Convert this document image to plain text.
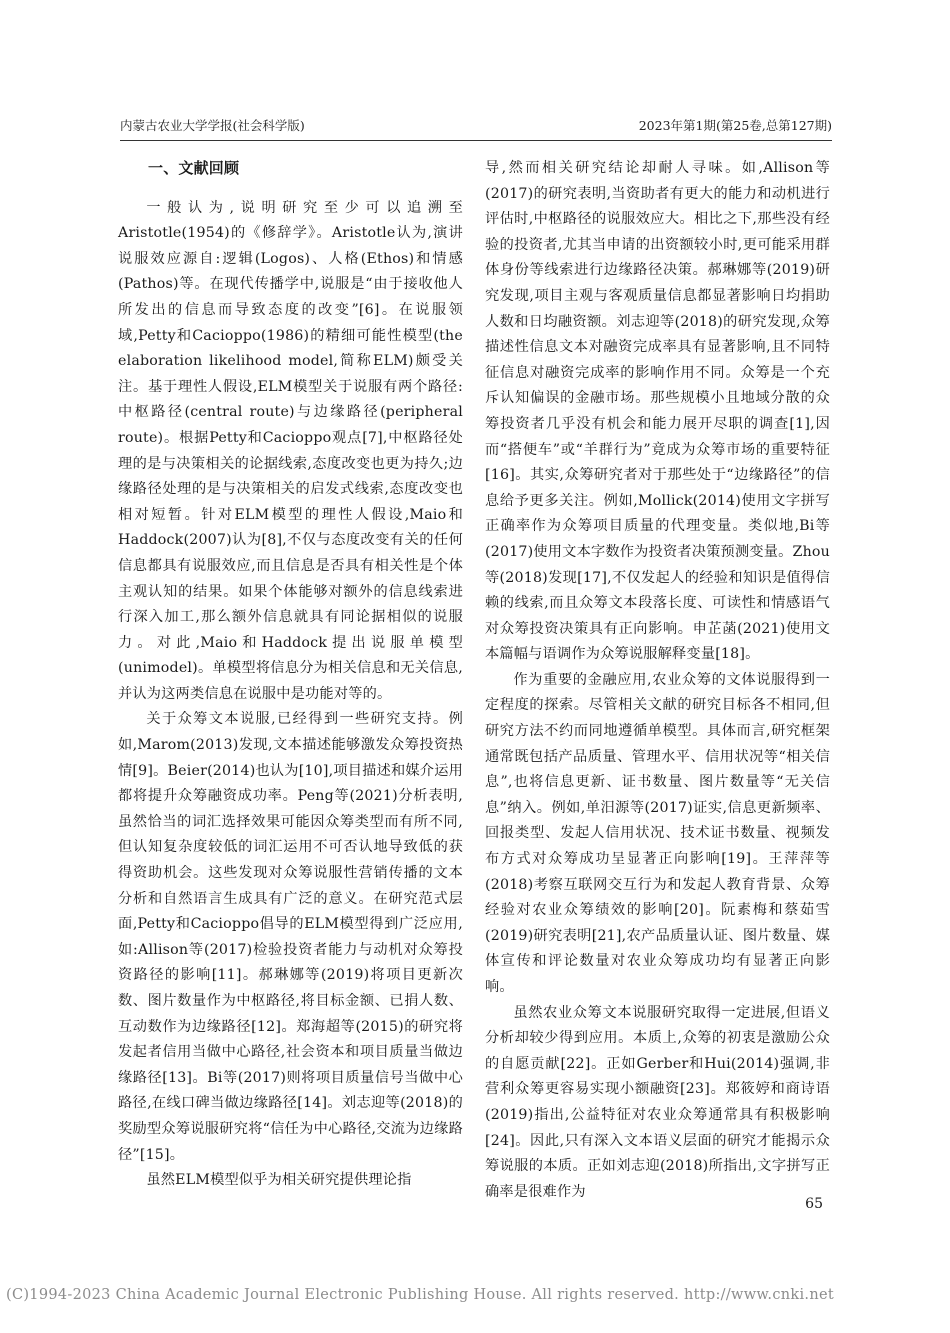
内蒙古农业大学学报(社会科学版)	2023年第1期(第25卷,总第127期)
一、文献回顾

一般认为,说明研究至少可以追溯至Aristotle(1954)的《修辞学》。Aristotle认为,演讲说服效应源自:逻辑(Logos)、人格(Ethos)和情感(Pathos)等。在现代传播学中,说服是“由于接收他人所发出的信息而导致态度的改变”[6]。在说服领域,Petty和Cacioppo(1986)的精细可能性模型(the elaboration likelihood model,简称ELM)颇受关注。基于理性人假设,ELM模型关于说服有两个路径:中枢路径(central route)与边缘路径(peripheral route)。根据Petty和Cacioppo观点[7],中枢路径处理的是与决策相关的论据线索,态度改变也更为持久;边缘路径处理的是与决策相关的启发式线索,态度改变也相对短暂。针对ELM模型的理性人假设,Maio和Haddock(2007)认为[8],不仅与态度改变有关的任何信息都具有说服效应,而且信息是否具有相关性是个体主观认知的结果。如果个体能够对额外的信息线索进行深入加工,那么额外信息就具有同论据相似的说服力。对此,Maio和Haddock提出说服单模型(unimodel)。单模型将信息分为相关信息和无关信息,并认为这两类信息在说服中是功能对等的。

关于众筹文本说服,已经得到一些研究支持。例如,Marom(2013)发现,文本描述能够激发众筹投资热情[9]。Beier(2014)也认为[10],项目描述和媒介运用都将提升众筹融资成功率。Peng等(2021)分析表明,虽然恰当的词汇选择效果可能因众筹类型而有所不同,但认知复杂度较低的词汇运用不可否认地导致低的获得资助机会。这些发现对众筹说服性营销传播的文本分析和自然语言生成具有广泛的意义。在研究范式层面,Petty和Cacioppo倡导的ELM模型得到广泛应用,如:Allison等(2017)检验投资者能力与动机对众筹投资路径的影响[11]。郝琳娜等(2019)将项目更新次数、图片数量作为中枢路径,将目标金额、已捐人数、互动数作为边缘路径[12]。郑海超等(2015)的研究将发起者信用当做中心路径,社会资本和项目质量当做边缘路径[13]。Bi等(2017)则将项目质量信号当做中心路径,在线口碑当做边缘路径[14]。刘志迎等(2018)的奖励型众筹说服研究将“信任为中心路径,交流为边缘路径”[15]。

虽然ELM模型似乎为相关研究提供理论指

导,然而相关研究结论却耐人寻味。如,Allison等(2017)的研究表明,当资助者有更大的能力和动机进行评估时,中枢路径的说服效应大。相比之下,那些没有经验的投资者,尤其当申请的出资额较小时,更可能采用群体身份等线索进行边缘路径决策。郝琳娜等(2019)研究发现,项目主观与客观质量信息都显著影响日均捐助人数和日均融资额。刘志迎等(2018)的研究发现,众筹描述性信息文本对融资完成率具有显著影响,且不同特征信息对融资完成率的影响作用不同。众筹是一个充斥认知偏误的金融市场。那些规模小且地域分散的众筹投资者几乎没有机会和能力展开尽职的调查[1],因而“搭便车”或“羊群行为”竟成为众筹市场的重要特征[16]。其实,众筹研究者对于那些处于“边缘路径”的信息给予更多关注。例如,Mollick(2014)使用文字拼写正确率作为众筹项目质量的代理变量。类似地,Bi等(2017)使用文本字数作为投资者决策预测变量。Zhou等(2018)发现[17],不仅发起人的经验和知识是值得信赖的线索,而且众筹文本段落长度、可读性和情感语气对众筹投资决策具有正向影响。申芷菡(2021)使用文本篇幅与语调作为众筹说服解释变量[18]。

作为重要的金融应用,农业众筹的文体说服得到一定程度的探索。尽管相关文献的研究目标各不相同,但研究方法不约而同地遵循单模型。具体而言,研究框架通常既包括产品质量、管理水平、信用状况等“相关信息”,也将信息更新、证书数量、图片数量等“无关信息”纳入。例如,单汨源等(2017)证实,信息更新频率、回报类型、发起人信用状况、技术证书数量、视频发布方式对众筹成功呈显著正向影响[19]。王萍萍等(2018)考察互联网交互行为和发起人教育背景、众筹经验对农业众筹绩效的影响[20]。阮素梅和蔡茹雪(2019)研究表明[21],农产品质量认证、图片数量、媒体宣传和评论数量对农业众筹成功均有显著正向影响。

虽然农业众筹文本说服研究取得一定进展,但语义分析却较少得到应用。本质上,众筹的初衷是激励公众的自愿贡献[22]。正如Gerber和Hui(2014)强调,非营利众筹更容易实现小额融资[23]。郑筱婷和商诗语(2019)指出,公益特征对农业众筹通常具有积极影响[24]。因此,只有深入文本语义层面的研究才能揭示众筹说服的本质。正如刘志迎(2018)所指出,文字拼写正确率是很难作为

65
(C)1994-2023 China Academic Journal Electronic Publishing House. All rights reserved. http://www.cnki.net
